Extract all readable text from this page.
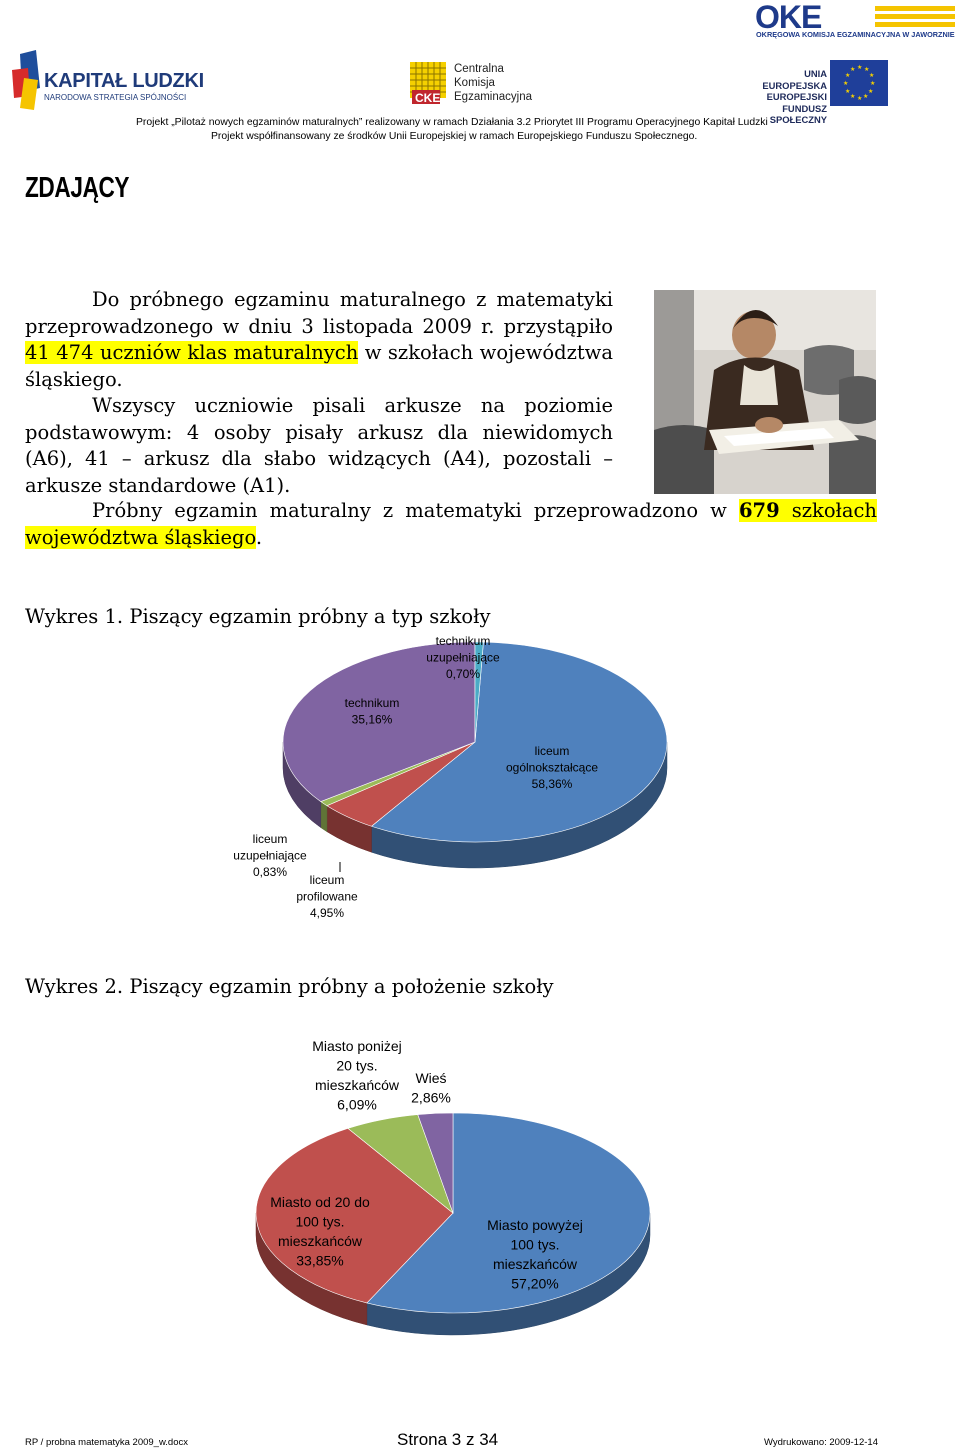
KAPITAŁ LUDZKI
NARODOWA STRATEGIA SPÓJNOŚCI	CKE
Centralna
Komisja
Egzaminacyjna
OKE
OKRĘGOWA KOMISJA EGZAMINACYJNA W JAWORZNIE
UNIA EUROPEJSKA
EUROPEJSKI
FUNDUSZ SPOŁECZNY
★ ★
★
★
★
★
★
★
★
★
★
★
Projekt „Pilotaż nowych egzaminów maturalnych” realizowany w ramach Działania 3.2 Priorytet III Programu Operacyjnego Kapitał Ludzki
Projekt współfinansowany ze środków Unii Europejskiej w ramach Europejskiego Funduszu Społecznego.
ZDAJĄCY
Do próbnego egzaminu maturalnego z matematyki przeprowadzonego w dniu 3 listopada 2009 r. przystąpiło 41 474 uczniów klas maturalnych w szkołach województwa śląskiego.
Wszyscy uczniowie pisali arkusze na poziomie podstawowym: 4 osoby pisały arkusz dla niewidomych (A6), 41 – arkusz dla słabo widzących (A4), pozostali – arkusze standardowe (A1).
Próbny egzamin maturalny z matematyki przeprowadzono w 679 szkołach województwa śląskiego.
Wykres 1. Piszący egzamin próbny a typ szkoły
liceum ogólnokształcące 58,36%
liceum profilowane 4,95%
liceum uzupełniające 0,83%
technikum 35,16%
technikum uzupełniające 0,70%
Miasto powyżej 100 tys. mieszkańców 57,20%
Miasto od 20 do 100 tys. mieszkańców 33,85%
Miasto poniżej 20 tys. mieszkańców 6,09%
Wieś 2,86%
Wykres 2. Piszący egzamin próbny a położenie szkoły
RP / probna matematyka 2009_w.docx	Strona 3 z 34	Wydrukowano: 2009-12-14
